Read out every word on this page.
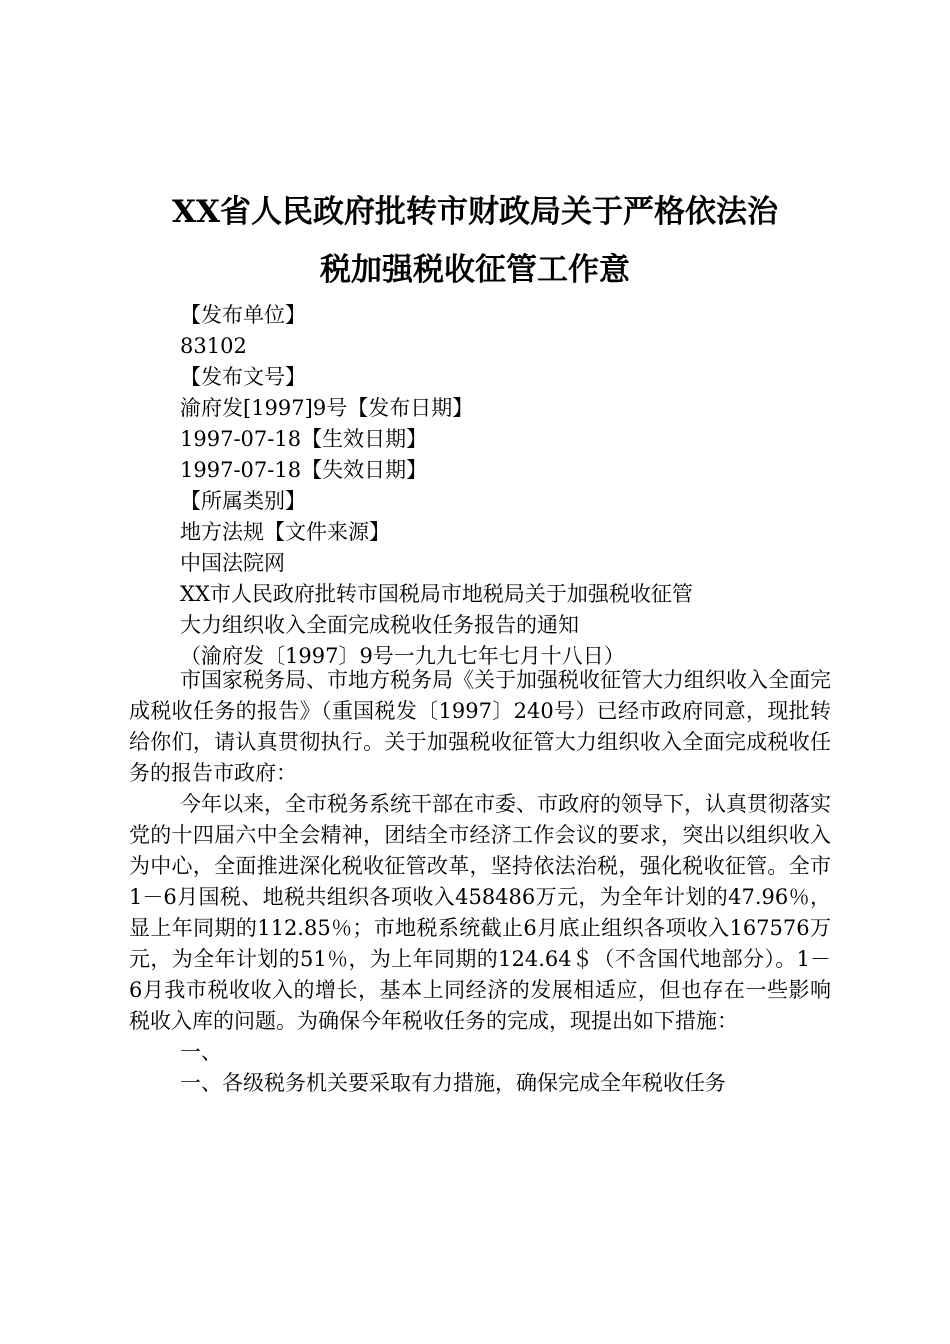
XX省人民政府批转市财政局关于严格依法治
税加强税收征管工作意
【发布单位】
83102
【发布文号】
渝府发[1997]9号【发布日期】
1997-07-18【生效日期】
1997-07-18【失效日期】
【所属类别】
地方法规【文件来源】
中国法院网
XX市人民政府批转市国税局市地税局关于加强税收征管
大力组织收入全面完成税收任务报告的通知
（渝府发〔1997〕9号一九九七年七月十八日）

市国家税务局、市地方税务局《关于加强税收征管大力组织收入全面完成税收任务的报告》（重国税发〔1997〕240号）已经市政府同意，现批转给你们，请认真贯彻执行。关于加强税收征管大力组织收入全面完成税收任务的报告市政府：

今年以来，全市税务系统干部在市委、市政府的领导下，认真贯彻落实党的十四届六中全会精神，团结全市经济工作会议的要求，突出以组织收入为中心，全面推进深化税收征管改革，坚持依法治税，强化税收征管。全市1－6月国税、地税共组织各项收入458486万元，为全年计划的47.96％，显上年同期的112.85％；市地税系统截止6月底止组织各项收入167576万元，为全年计划的51％，为上年同期的124.64＄（不含国代地部分）。1－6月我市税收收入的增长，基本上同经济的发展相适应，但也存在一些影响税收入库的问题。为确保今年税收任务的完成，现提出如下措施：

一、

一、各级税务机关要采取有力措施，确保完成全年税收任务
